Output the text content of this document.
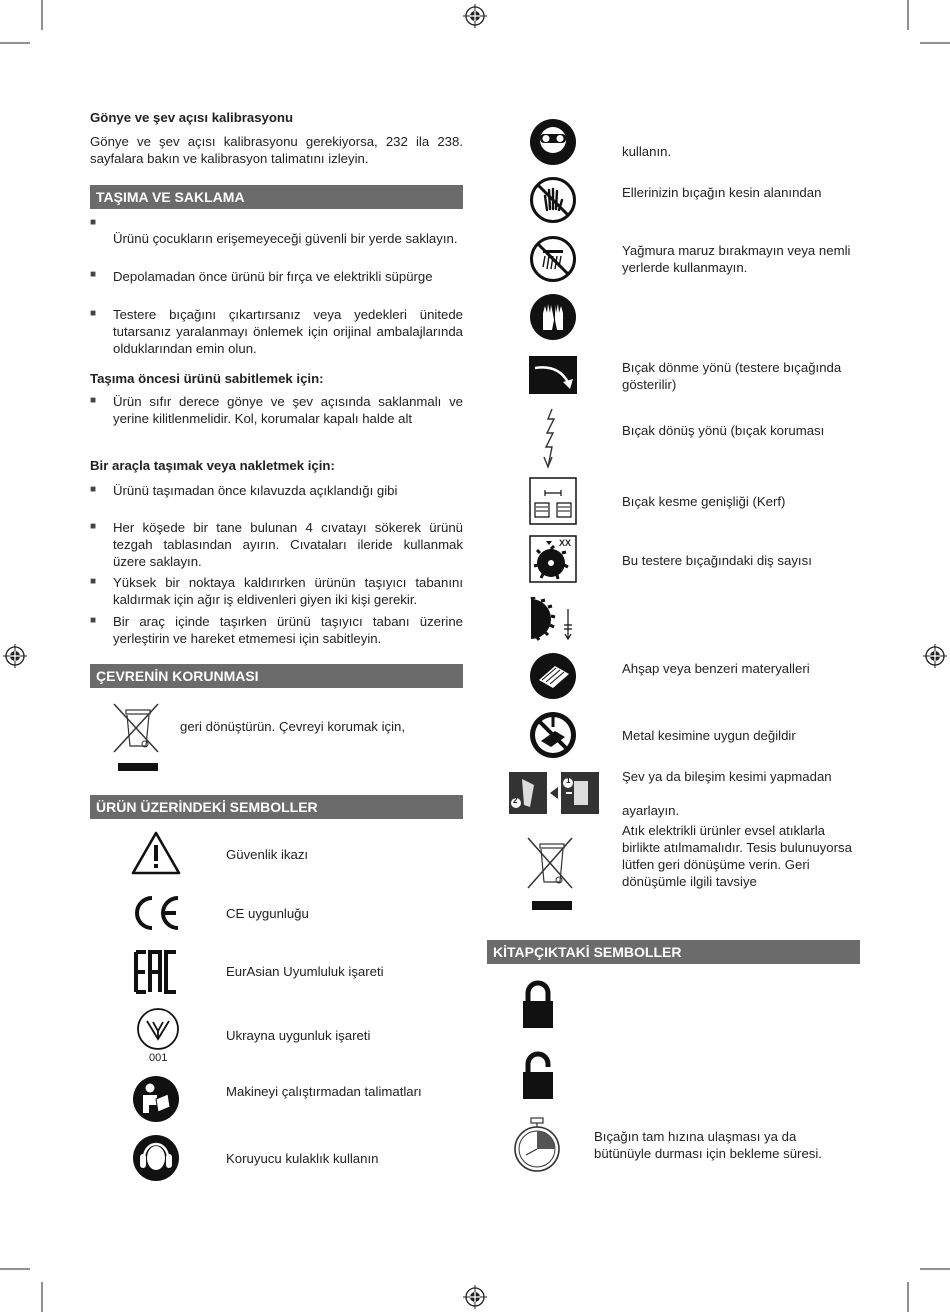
Gönye ve şev açısı kalibrasyonu
Gönye ve şev açısı kalibrasyonu gerekiyorsa, 232 ila 238. sayfalara bakın ve kalibrasyon talimatını izleyin.
TAŞIMA VE SAKLAMA
■
Ürünü çocukların erişemeyeceği güvenli bir yerde saklayın.
■ Depolamadan önce ürünü bir fırça ve elektrikli süpürge
■ Testere bıçağını çıkartırsanız veya yedekleri ünitede tutarsanız yaralanmayı önlemek için orijinal ambalajlarında olduklarından emin olun.
Taşıma öncesi ürünü sabitlemek için:
■ Ürün sıfır derece gönye ve şev açısında saklanmalı ve yerine kilitlenmelidir. Kol, korumalar kapalı halde alt
Bir araçla taşımak veya nakletmek için:
■ Ürünü taşımadan önce kılavuzda açıklandığı gibi
■ Her köşede bir tane bulunan 4 cıvatayı sökerek ürünü tezgah tablasından ayırın. Cıvataları ileride kullanmak üzere saklayın.
■ Yüksek bir noktaya kaldırırken ürünün taşıyıcı tabanını kaldırmak için ağır iş eldivenleri giyen iki kişi gerekir.
■ Bir araç içinde taşırken ürünü taşıyıcı tabanı üzerine yerleştirin ve hareket etmemesi için sabitleyin.
ÇEVRENİN KORUNMASI
geri dönüştürün. Çevreyi korumak için,
ÜRÜN ÜZERİNDEKİ SEMBOLLER
Güvenlik ikazı
CE uygunluğu
EurAsian Uyumluluk işareti
001
Ukrayna uygunluk işareti
Makineyi çalıştırmadan talimatları
Koruyucu kulaklık kullanın
kullanın.
Ellerinizin bıçağın kesin alanından
Yağmura maruz bırakmayın veya nemli yerlerde kullanmayın.
Bıçak dönme yönü (testere bıçağında gösterilir)
Bıçak dönüş yönü (bıçak koruması
Bıçak kesme genişliği (Kerf)
XX
Bu testere bıçağındaki diş sayısı
Ahşap veya benzeri materyalleri
Metal kesimine uygun değildir
2
1	Şev ya da bileşim kesimi yapmadan
ayarlayın.
Atık elektrikli ürünler evsel atıklarla birlikte atılmamalıdır. Tesis bulunuyorsa lütfen geri dönüşüme verin. Geri dönüşümle ilgili tavsiye
KİTAPÇIKTAKİ SEMBOLLER
Bıçağın tam hızına ulaşması ya da bütünüyle durması için bekleme süresi.
